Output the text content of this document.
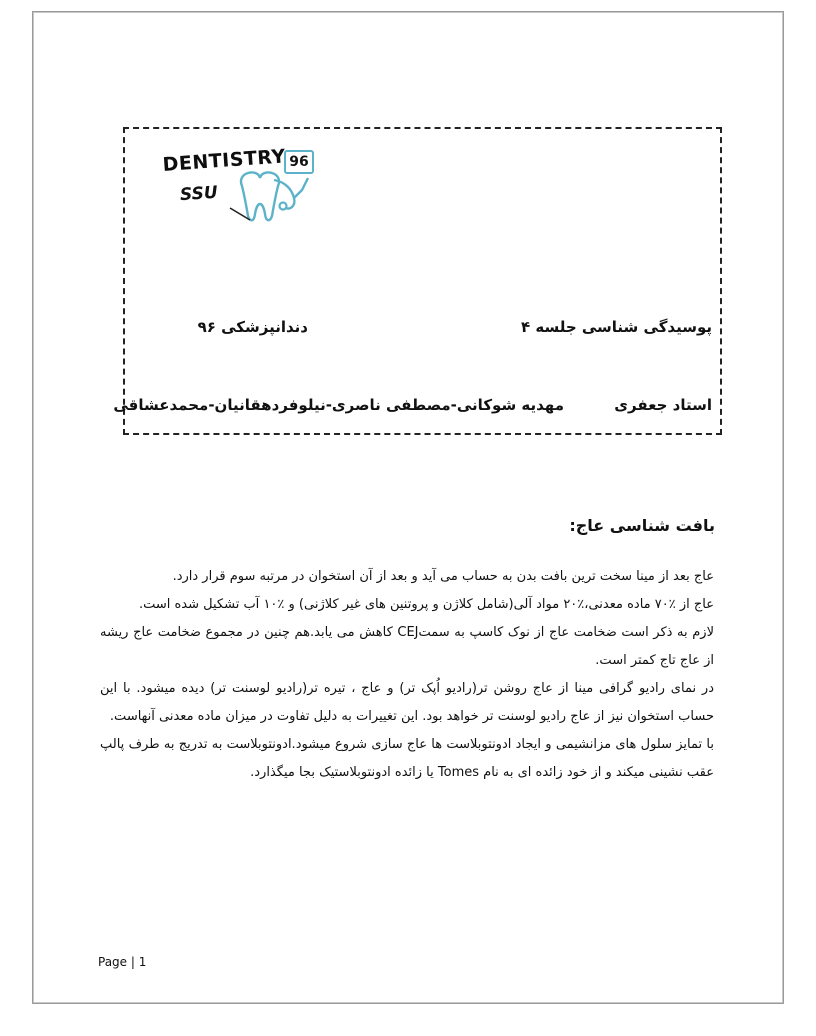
DENTISTRY 96
SSU
پوسیدگی شناسی جلسه ۴
دندانپزشکی ۹۶
استاد جعفری
مهدیه شوکانی-مصطفی ناصری-نیلوفردهقانیان-محمدعشاقی
بافت شناسی عاج:

عاج بعد از مینا سخت ترین بافت بدن به حساب می آید و بعد از آن استخوان در مرتبه سوم قرار دارد.

عاج از ٪۷۰ ماده معدنی،٪۲۰ مواد آلی(شامل کلاژن و پروتنین های غیر کلاژنی) و ٪۱۰ آب تشکیل شده است.

لازم به ذکر است ضخامت عاج از نوک کاسپ به سمتCEJ کاهش می یابد.هم چنین در مجموع ضخامت عاج ریشه از عاج تاج کمتر است.

در نمای رادیو گرافی مینا از عاج روشن تر(رادیو اُپک تر) و عاج ، تیره تر(رادیو لوسنت تر) دیده میشود. با این حساب استخوان نیز از عاج رادیو لوسنت تر خواهد بود. این تغییرات به دلیل تفاوت در میزان ماده معدنی آنهاست.

با تمایز سلول های مزانشیمی و ایجاد ادونتوبلاست ها عاج سازی شروع میشود.ادونتوبلاست به تدریج به طرف پالپ عقب نشینی میکند و از خود زائده ای به نام Tomes یا زائده ادونتوبلاستیک بجا میگذارد.

Page | 1
